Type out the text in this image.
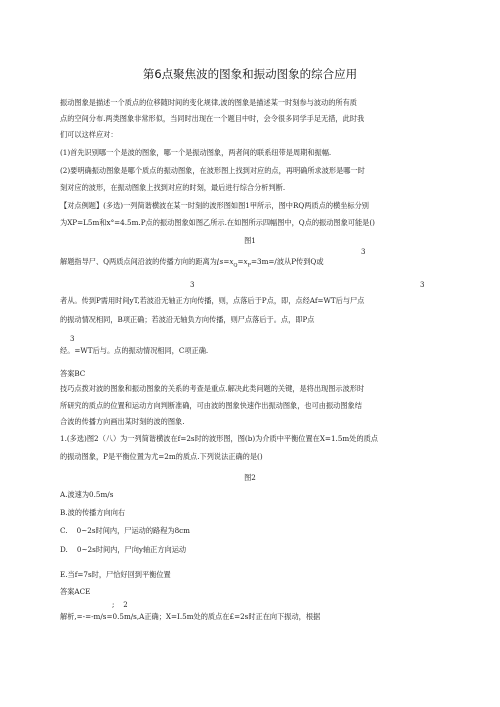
第6点聚焦波的图象和振动图象的综合应用
振动图象是描述一个质点的位移随时间的变化规律,波的图象是描述某一时刻参与波动的所有质
点的空间分布.两类图象非常形似，当同时出现在一个题目中时，会令很多同学手足无措，此时我
们可以这样应对：
(1)首先识别哪一个是波的图象，哪一个是振动图象，两者间的联系纽带是周期和振幅.
(2)要明确振动图象是哪个质点的振动图象，在波形图上找到对应的点，再明确所求波形是哪一时
刻对应的波形，在振动图象上找到对应的时刻，最后进行综合分析判断.
【对点例题】(多选)一列简谐横波在某一时刻的波形图如图1甲所示，图中RQ两质点的横坐标分别
为XP=L5m和x°=4.5m.P点的振动图象如图乙所示.在如图所示四幅图中，Q点的振动图象可能是()
图1
3
解题指导尸、Q两质点间沿波的传播方向的距离为$⌊s=x_Q=x_P=3m=/$波从P传到Q或
3	3
者从。传到P需用时间yT,若波沿无轴正方向传播，则，点落后于P点，即，点经Af=WT后与尸点
的振动情况相同，B项正确；若波沿无轴负方向传播，则尸点落后于。点，即P点
3
经。=WT后与。点的振动情况相同，C项正确.
答案BC
技巧点拨对波的图象和振动图象的关系的考查是重点.解决此类问题的关键，是将出现图示波形时
所研究的质点的位置和运动方向判断准确，可由波的图象快速作出振动图象，也可由振动图象结
合波的传播方向画出某时刻的波的图象.
1.(多选)图2（八）为一列简谐横波在f=2s时的波形图，图(b)为介质中平衡位置在X=1.5m处的质点
的振动图象，P是平衡位置为尤=2m的质点.下列说法正确的是()
图2
A.波速为0.5m/s
B.波的传播方向向右
C.    0~2s时间内，尸运动的路程为8cm
D.    0~2s时间内，尸向y轴正方向运动
E.当f=7s时，尸恰好回到平衡位置
答案ACE
;    2
解析,=-=-m/s=0.5m/s,A正确；X=I.5m处的质点在£=2s时正在向下振动，根据
